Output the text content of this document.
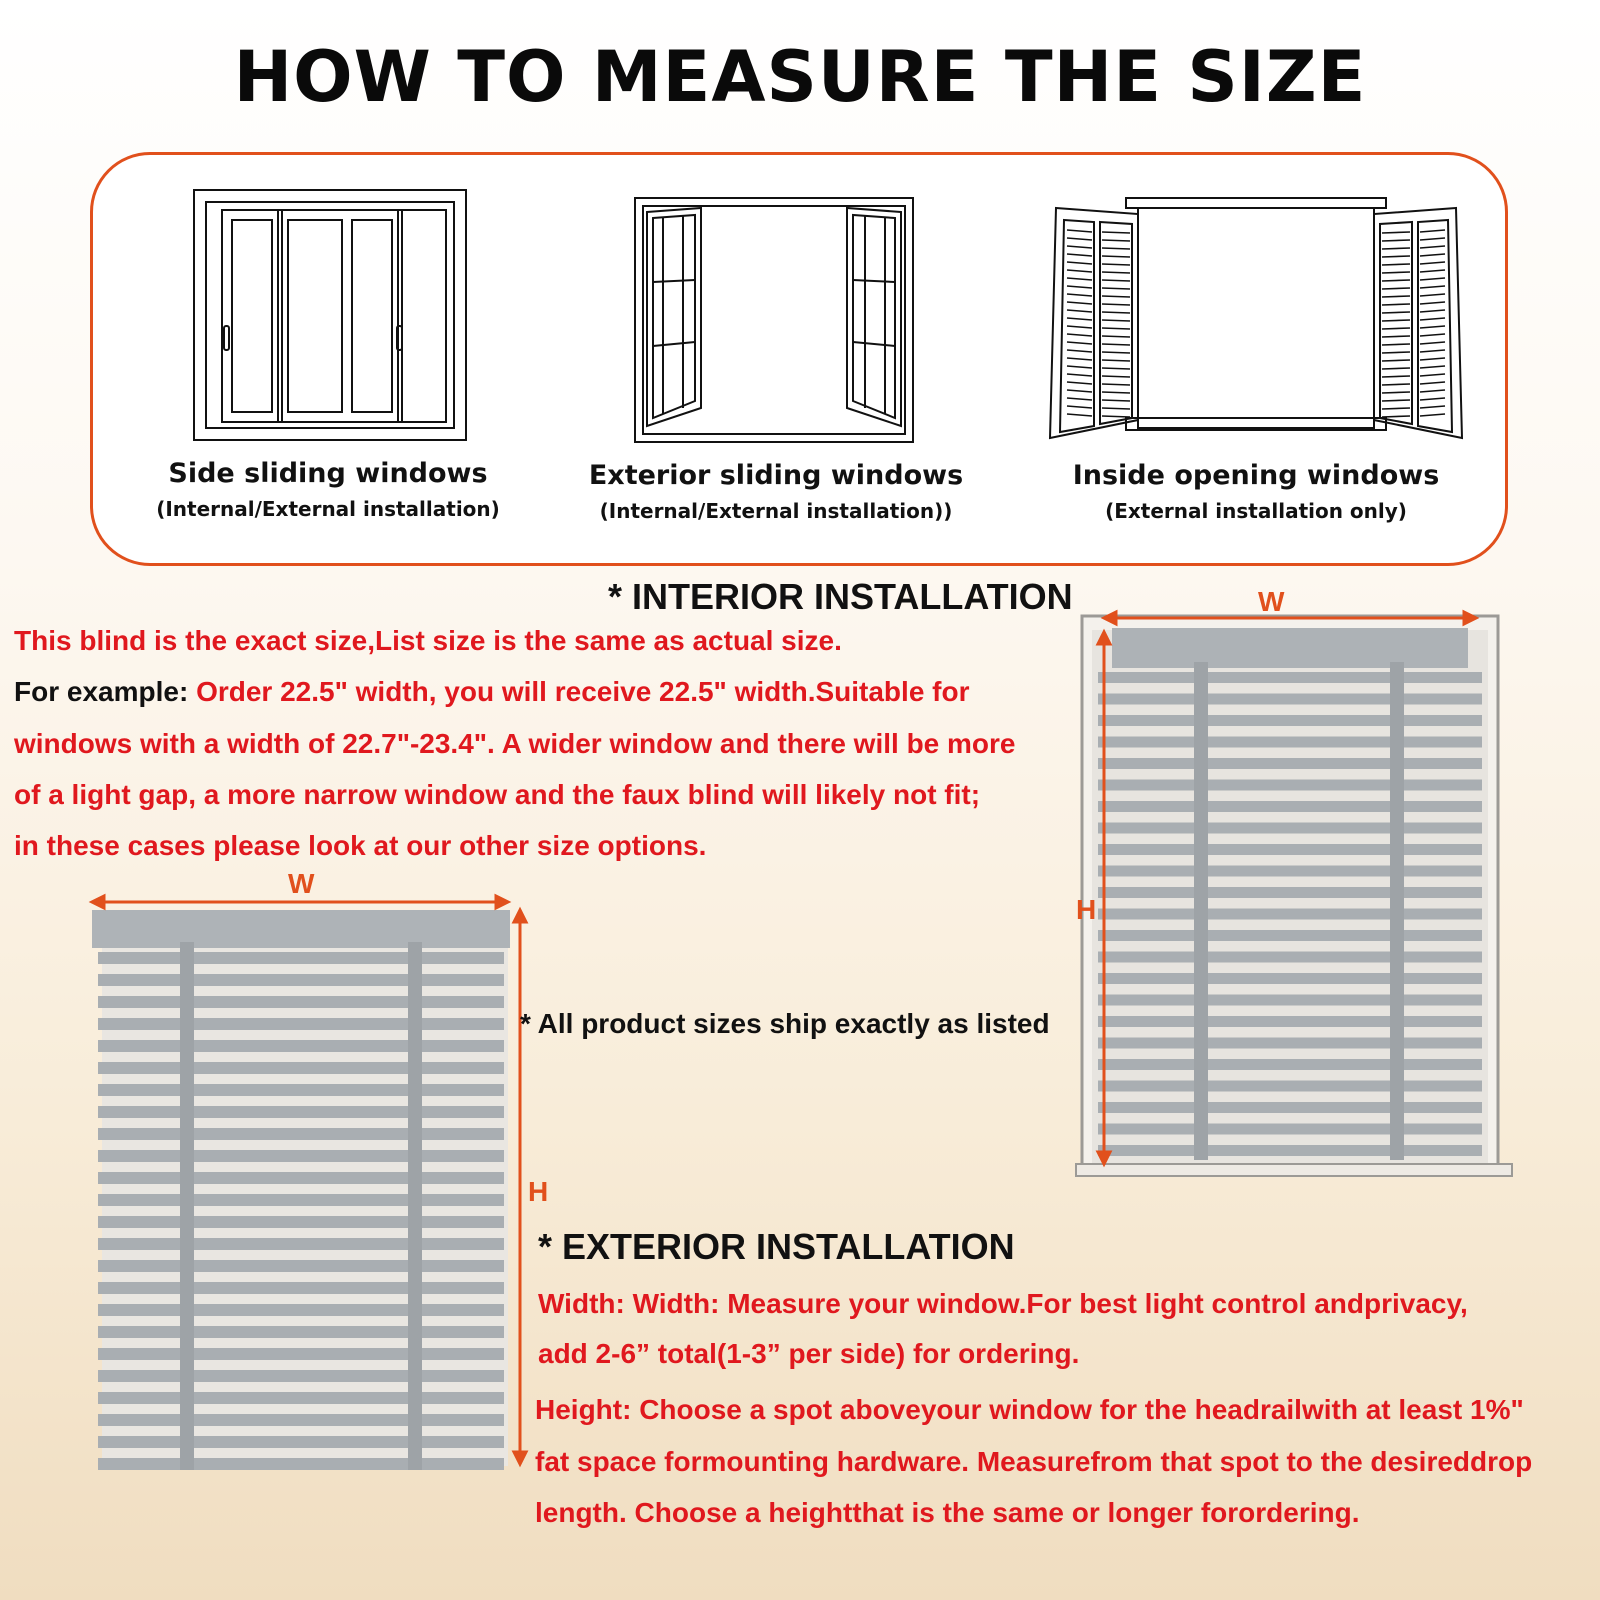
HOW TO MEASURE THE SIZE
Side sliding windows
(Internal/External installation)
Exterior sliding windows
(Internal/External installation))
Inside opening windows
(External installation only)
* INTERIOR INSTALLATION
This blind is the exact size,List size is the same as actual size.
For example: Order 22.5" width, you will receive 22.5" width.Suitable for
windows with a width of 22.7"-23.4". A wider window and there will be more
of a light gap, a more narrow window and the faux blind will likely not fit;
in these cases please look at our other size options.
W
H
W
H
* All product sizes ship exactly as listed
* EXTERIOR INSTALLATION
Width: Width: Measure your window.For best light control andprivacy,
add 2-6” total(1-3” per side) for ordering.
Height: Choose a spot aboveyour window for the headrailwith at least 1%"
fat space formounting hardware. Measurefrom that spot to the desireddrop
length. Choose a heightthat is the same or longer forordering.
